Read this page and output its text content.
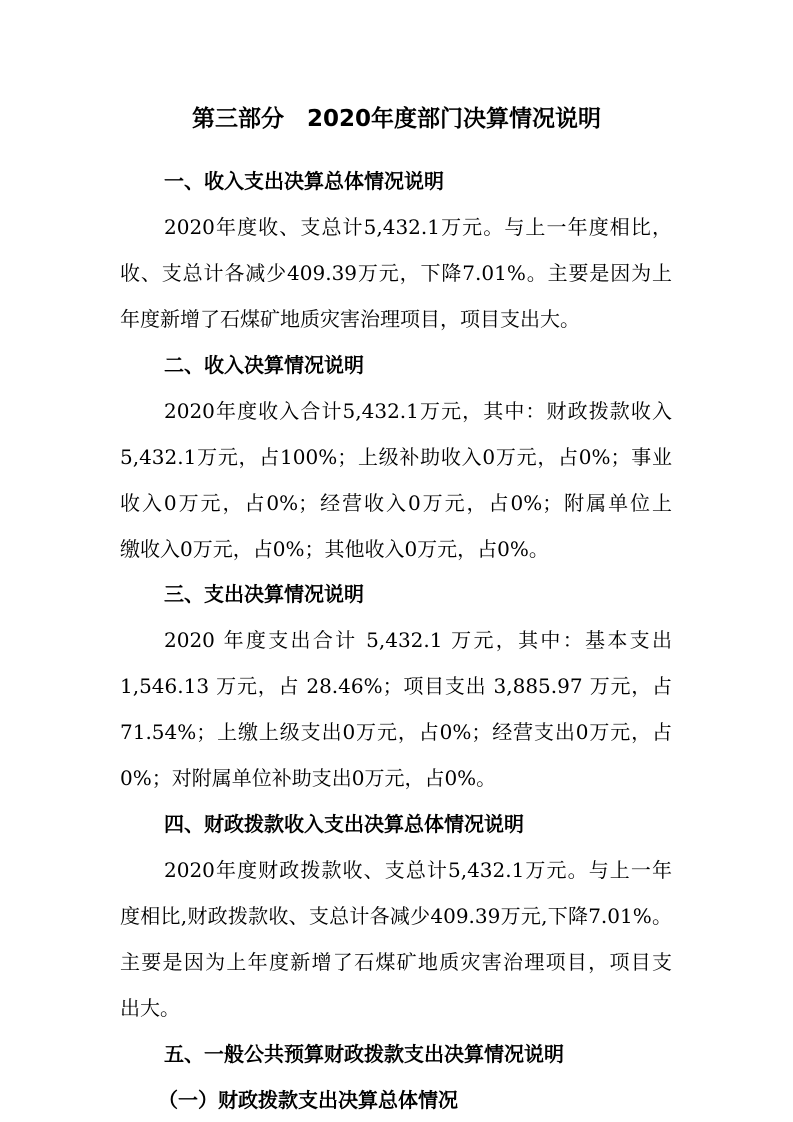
第三部分　2020年度部门决算情况说明
一、收入支出决算总体情况说明
2020年度收、支总计5,432.1万元。与上一年度相比，
收、支总计各减少409.39万元，下降7.01%。主要是因为上
年度新增了石煤矿地质灾害治理项目，项目支出大。
二、收入决算情况说明
2020年度收入合计5,432.1万元，其中：财政拨款收入
5,432.1万元，占100%；上级补助收入0万元，占0%；事业
收入0万元，占0%；经营收入0万元，占0%；附属单位上
缴收入0万元，占0%；其他收入0万元，占0%。
三、支出决算情况说明
2020 年度支出合计 5,432.1 万元，其中：基本支出
1,546.13 万元，占 28.46%；项目支出 3,885.97 万元，占
71.54%；上缴上级支出0万元，占0%；经营支出0万元，占
0%；对附属单位补助支出0万元，占0%。
四、财政拨款收入支出决算总体情况说明
2020年度财政拨款收、支总计5,432.1万元。与上一年
度相比,财政拨款收、支总计各减少409.39万元,下降7.01%。
主要是因为上年度新增了石煤矿地质灾害治理项目，项目支
出大。
五、一般公共预算财政拨款支出决算情况说明
（一）财政拨款支出决算总体情况
